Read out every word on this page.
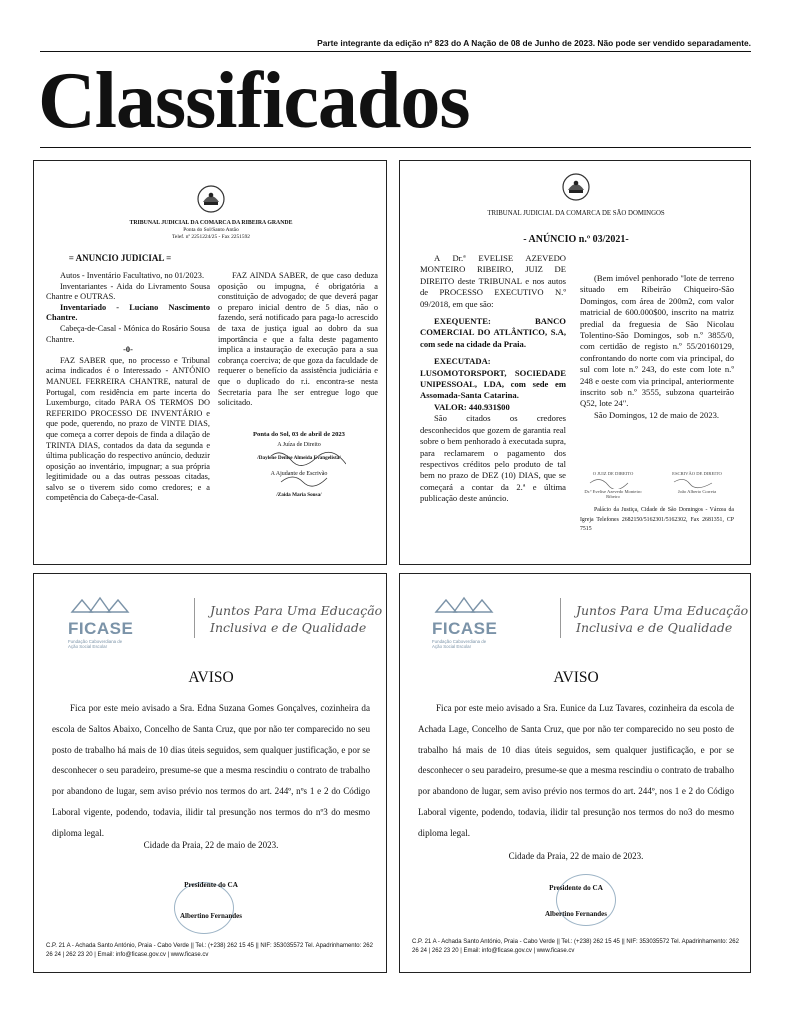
Parte integrante da edição nº 823 do A Nação de 08 de Junho de 2023. Não pode ser vendido separadamente.
Classificados
TRIBUNAL JUDICIAL DA COMARCA DA RIBEIRA GRANDE
Ponta do Sol/Santo Antão
Telef. nº 2251224/25 - Fax 2251592
= ANUNCIO JUDICIAL =

Autos - Inventário Facultativo, no 01/2023.

Inventariantes - Aida do Livramento Sousa Chantre e OUTRAS.

Inventariado - Luciano Nascimento Chantre.

Cabeça-de-Casal - Mónica do Rosário Sousa Chantre.

-0-

FAZ SABER que, no processo e Tribunal acima indicados é o Interessado - ANTÓNIO MANUEL FERREIRA CHANTRE, natural de Portugal, com residência em parte incerta do Luxemburgo, citado PARA OS TERMOS DO REFERIDO PROCESSO DE INVENTÁRIO e que pode, querendo, no prazo de VINTE DIAS, que começa a correr depois de finda a dilação de TRINTA DIAS, contados da data da segunda e última publicação do respectivo anúncio, deduzir oposição ao inventário, impugnar; a sua própria legitimidade ou a das outras pessoas citadas, salvo se o tiverem sido como credores; e a competência do Cabeça-de-Casal.

FAZ AINDA SABER, de que caso deduza oposição ou impugna, é obrigatória a constituição de advogado; de que deverá pagar o preparo inicial dentro de 5 dias, não o fazendo, será notificado para paga-lo acrescido de taxa de justiça igual ao dobro da sua importância e que a falta deste pagamento implica a instauração de execução para a sua cobrança coerciva; de que goza da faculdade de requerer o benefício da assistência judiciária e que o duplicado do r.i. encontra-se nesta Secretaria para lhe ser entregue logo que solicitado.

Ponta do Sol, 03 de abril de 2023
A Juíza de Direito
/Daylene Denise Almeida Evangelista/
A Ajudante de Escrivão
/Zaida Maria Sousa/
TRIBUNAL JUDICIAL DA COMARCA DE SÃO DOMINGOS
- ANÚNCIO n.º 03/2021-

A Dr.ª EVELISE AZEVEDO MONTEIRO RIBEIRO, JUIZ DE DIREITO deste TRIBUNAL e nos autos de PROCESSO EXECUTIVO N.º 09/2018, em que são:

EXEQUENTE: BANCO COMERCIAL DO ATLÂNTICO, S.A, com sede na cidade da Praia.

EXECUTADA: LUSOMOTORSPORT, SOCIEDADE UNIPESSOAL, LDA, com sede em Assomada-Santa Catarina.

VALOR: 440.931$00

São citados os credores desconhecidos que gozem de garantia real sobre o bem penhorado à executada supra, para reclamarem o pagamento dos respectivos créditos pelo produto de tal bem no prazo de DEZ (10) DIAS, que se começará a contar da 2.ª e última publicação deste anúncio.

(Bem imóvel penhorado "lote de terreno situado em Ribeirão Chiqueiro-São Domingos, com área de 200m2, com valor matricial de 600.000$00, inscrito na matriz predial da freguesia de São Nicolau Tolentino-São Domingos, sob n.º 3855/0, com certidão de registo n.º 55/20160129, confrontando do norte com via principal, do sul com lote n.º 243, do este com lote n.º 248 e oeste com via principal, anteriormente inscrito sob n.º 3555, subzona quarteirão Q52, lote 24".

São Domingos, 12 de maio de 2023.

O JUIZ DE DIREITO
Dr.ª Evelise Azevedo Monteiro Ribeiro
ESCRIVÃO DE DIREITO
João Alberto Correia

Palácio da Justiça, Cidade de São Domingos - Várzea da Igreja Telefones 2682150/5162301/5162302, Fax 2681351, CP 7515

FICASE
Fundação Caboverdiana de Ação Social Escolar
Juntos Para Uma Educação
Inclusiva e de Qualidade
AVISO

Fica por este meio avisado a Sra. Edna Suzana Gomes Gonçalves, cozinheira da escola de Saltos Abaixo, Concelho de Santa Cruz, que por não ter comparecido no seu posto de trabalho há mais de 10 dias úteis seguidos, sem qualquer justificação, e por se desconhecer o seu paradeiro, presume-se que a mesma rescindiu o contrato de trabalho por abandono de lugar, sem aviso prévio nos termos do art. 244º, nºs 1 e 2 do Código Laboral vigente, podendo, todavia, ilidir tal presunção nos termos do nº3 do mesmo diploma legal.

Cidade da Praia, 22 de maio de 2023.
Presidente do CA
Albertino Fernandes
C.P. 21 A - Achada Santo António, Praia - Cabo Verde || Tel.: (+238) 262 15 45 || NIF: 353035572 Tel. Apadrinhamento: 262 26 24 | 262 23 20 | Email: info@ficase.gov.cv | www.ficase.cv
FICASE
Fundação Caboverdiana de Ação Social Escolar
Juntos Para Uma Educação
Inclusiva e de Qualidade
AVISO

Fica por este meio avisado a Sra. Eunice da Luz Tavares, cozinheira da escola de Achada Lage, Concelho de Santa Cruz, que por não ter comparecido no seu posto de trabalho há mais de 10 dias úteis seguidos, sem qualquer justificação, e por se desconhecer o seu paradeiro, presume-se que a mesma rescindiu o contrato de trabalho por abandono de lugar, sem aviso prévio nos termos do art. 244º, nos 1 e 2 do Código Laboral vigente, podendo, todavia, ilidir tal presunção nos termos do no3 do mesmo diploma legal.

Cidade da Praia, 22 de maio de 2023.
Presidente do CA
Albertino Fernandes
C.P. 21 A - Achada Santo António, Praia - Cabo Verde || Tel.: (+238) 262 15 45 || NIF: 353035572 Tel. Apadrinhamento: 262 26 24 | 262 23 20 | Email: info@ficase.gov.cv | www.ficase.cv
